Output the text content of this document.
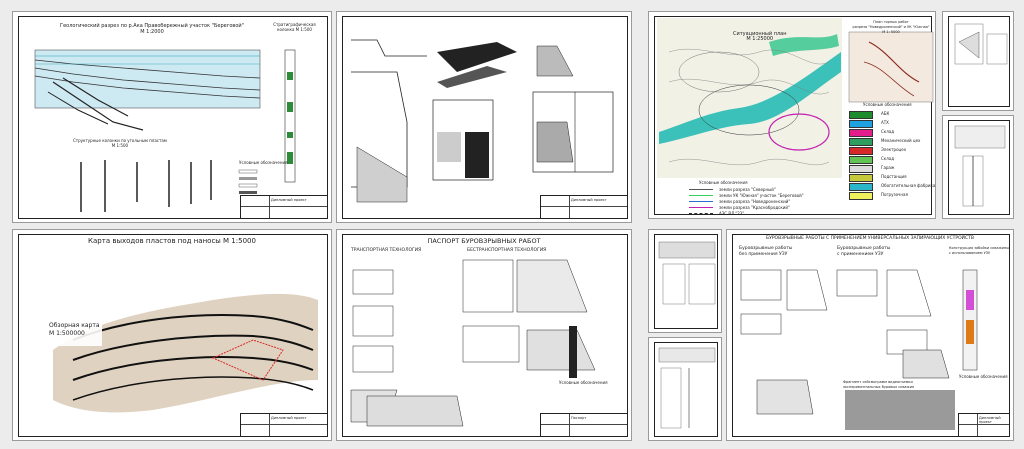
Геологический разрез по р.Ака Правобережный участок "Береговой"
М 1:2000
Стратиграфическая
колонка М 1:500
Структурные колонки по угольным пластам
М 1:500
Условные обозначения
Дипломный проект	Дипломный проект
Ситуационный план
М 1:25000
План горных работ
разреза "Новедроненский" и УК "Южная"
М 1: 5000
Условные обозначения
АБК
АТХ
Склад
Механический цех
Электроцех
Склад
Гараж
Подстанция
Обогатительная фабрика
Погрузочная
Условные обозначения
земли разреза "Северный"
земли УК "Южная" участок "Береговой"
земли разреза "Новедроненский"
земли разреза "Краснобродский"
АЗС ВЛ "23"
Карта выходов пластов под наносы М 1:5000
Обзорная карта
М 1:500000
Дипломный проект
ПАСПОРТ БУРОВЗРЫВНЫХ РАБОТ
ТРАНСПОРТНАЯ ТЕХНОЛОГИЯ	БЕСТРАНСПОРТНАЯ ТЕХНОЛОГИЯ
Условные обозначения
Паспорт
БУРОВЗРЫВНЫЕ РАБОТЫ С ПРИМЕНЕНИЕМ УНИВЕРСАЛЬНЫХ ЗАПИРАЮЩИХ УСТРОЙСТВ
Буровзрывные работы
без применения УЗУ
Буровзрывные работы
с применением УЗУ
Конструкция забойки скважины
с использованием УЗУ
Фрагмент сейсмограмм видеосъемки
экспериментальных буровых скважин
Условные обозначения
Дипломный проект
